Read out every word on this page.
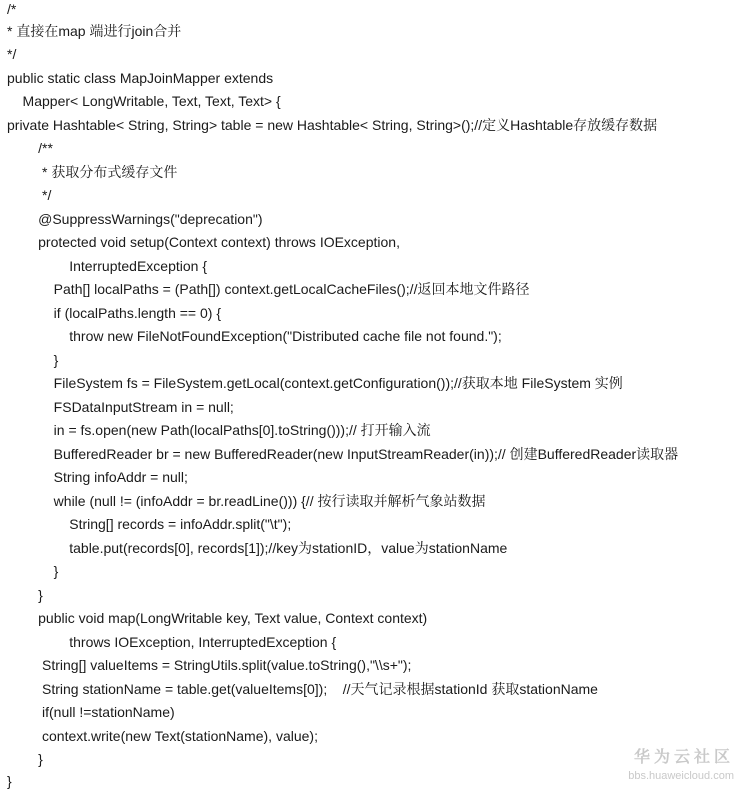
/*
* 直接在map 端进行join合并
*/
public static class MapJoinMapper extends
Mapper< LongWritable, Text, Text, Text> {
private Hashtable< String, String> table = new Hashtable< String, String>();//定义Hashtable存放缓存数据
/**
* 获取分布式缓存文件
*/
@SuppressWarnings("deprecation")
protected void setup(Context context) throws IOException,
InterruptedException {
Path[] localPaths = (Path[]) context.getLocalCacheFiles();//返回本地文件路径
if (localPaths.length == 0) {
throw new FileNotFoundException("Distributed cache file not found.");
}
FileSystem fs = FileSystem.getLocal(context.getConfiguration());//获取本地 FileSystem 实例
FSDataInputStream in = null;
in = fs.open(new Path(localPaths[0].toString()));// 打开输入流
BufferedReader br = new BufferedReader(new InputStreamReader(in));// 创建BufferedReader读取器
String infoAddr = null;
while (null != (infoAddr = br.readLine())) {// 按行读取并解析气象站数据
String[] records = infoAddr.split("\t");
table.put(records[0], records[1]);//key为stationID，value为stationName
}
}
public void map(LongWritable key, Text value, Context context)
throws IOException, InterruptedException {
String[] valueItems = StringUtils.split(value.toString(),"\\s+");
String stationName = table.get(valueItems[0]);    //天气记录根据stationId 获取stationName
if(null !=stationName)
context.write(new Text(stationName), value);
}
}
华为云社区
bbs.huaweicloud.com
